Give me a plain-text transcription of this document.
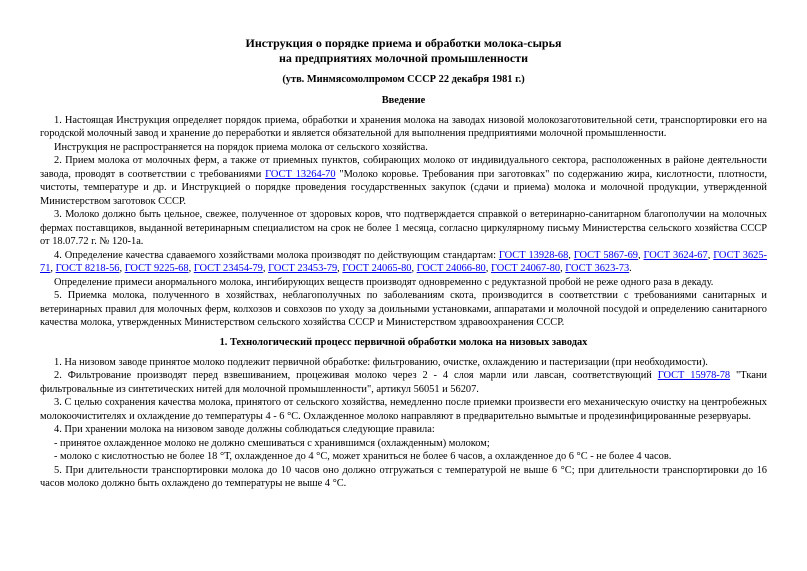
Инструкция о порядке приема и обработки молока-сырья
на предприятиях молочной промышленности

(утв. Минмясомолпромом СССР 22 декабря 1981 г.)

Введение

1. Настоящая Инструкция определяет порядок приема, обработки и хранения молока на заводах низовой молокозаготовительной сети, транспортировки его на городской молочный завод и хранение до переработки и является обязательной для выполнения предприятиями молочной промышленности.

Инструкция не распространяется на порядок приема молока от сельского хозяйства.

2. Прием молока от молочных ферм, а также от приемных пунктов, собирающих молоко от индивидуального сектора, расположенных в районе деятельности завода, проводят в соответствии с требованиями ГОСТ 13264-70 "Молоко коровье. Требования при заготовках" по содержанию жира, кислотности, плотности, чистоты, температуре и др. и Инструкцией о порядке проведения государственных закупок (сдачи и приема) молока и молочной продукции, утвержденной Министерством заготовок СССР.

3. Молоко должно быть цельное, свежее, полученное от здоровых коров, что подтверждается справкой о ветеринарно-санитарном благополучии на молочных фермах поставщиков, выданной ветеринарным специалистом на срок не более 1 месяца, согласно циркулярному письму Министерства сельского хозяйства СССР от 18.07.72 г. № 120-1а.

4. Определение качества сдаваемого хозяйствами молока производят по действующим стандартам: ГОСТ 13928-68, ГОСТ 5867-69, ГОСТ 3624-67, ГОСТ 3625-71, ГОСТ 8218-56, ГОСТ 9225-68, ГОСТ 23454-79, ГОСТ 23453-79, ГОСТ 24065-80, ГОСТ 24066-80, ГОСТ 24067-80, ГОСТ 3623-73.

Определение примеси анормального молока, ингибирующих веществ производят одновременно с редуктазной пробой не реже одного раза в декаду.

5. Приемка молока, полученного в хозяйствах, неблагополучных по заболеваниям скота, производится в соответствии с требованиями санитарных и ветеринарных правил для молочных ферм, колхозов и совхозов по уходу за доильными установками, аппаратами и молочной посудой и определению санитарного качества молока, утвержденных Министерством сельского хозяйства СССР и Министерством здравоохранения СССР.

1. Технологический процесс первичной обработки молока на низовых заводах

1. На низовом заводе принятое молоко подлежит первичной обработке: фильтрованию, очистке, охлаждению и пастеризации (при необходимости).

2. Фильтрование производят перед взвешиванием, процеживая молоко через 2 - 4 слоя марли или лавсан, соответствующий ГОСТ 15978-78 "Ткани фильтровальные из синтетических нитей для молочной промышленности", артикул 56051 и 56207.

3. С целью сохранения качества молока, принятого от сельского хозяйства, немедленно после приемки произвести его механическую очистку на центробежных молокоочистителях и охлаждение до температуры 4 - 6 °С. Охлажденное молоко направляют в предварительно вымытые и продезинфицированные резервуары.

4. При хранении молока на низовом заводе должны соблюдаться следующие правила:

- принятое охлажденное молоко не должно смешиваться с хранившимся (охлажденным) молоком;

- молоко с кислотностью не более 18 °Т, охлажденное до 4 °С, может храниться не более 6 часов, а охлажденное до 6 °С - не более 4 часов.

5. При длительности транспортировки молока до 10 часов оно должно отгружаться с температурой не выше 6 °С; при длительности транспортировки до 16 часов молоко должно быть охлаждено до температуры не выше 4 °С.
